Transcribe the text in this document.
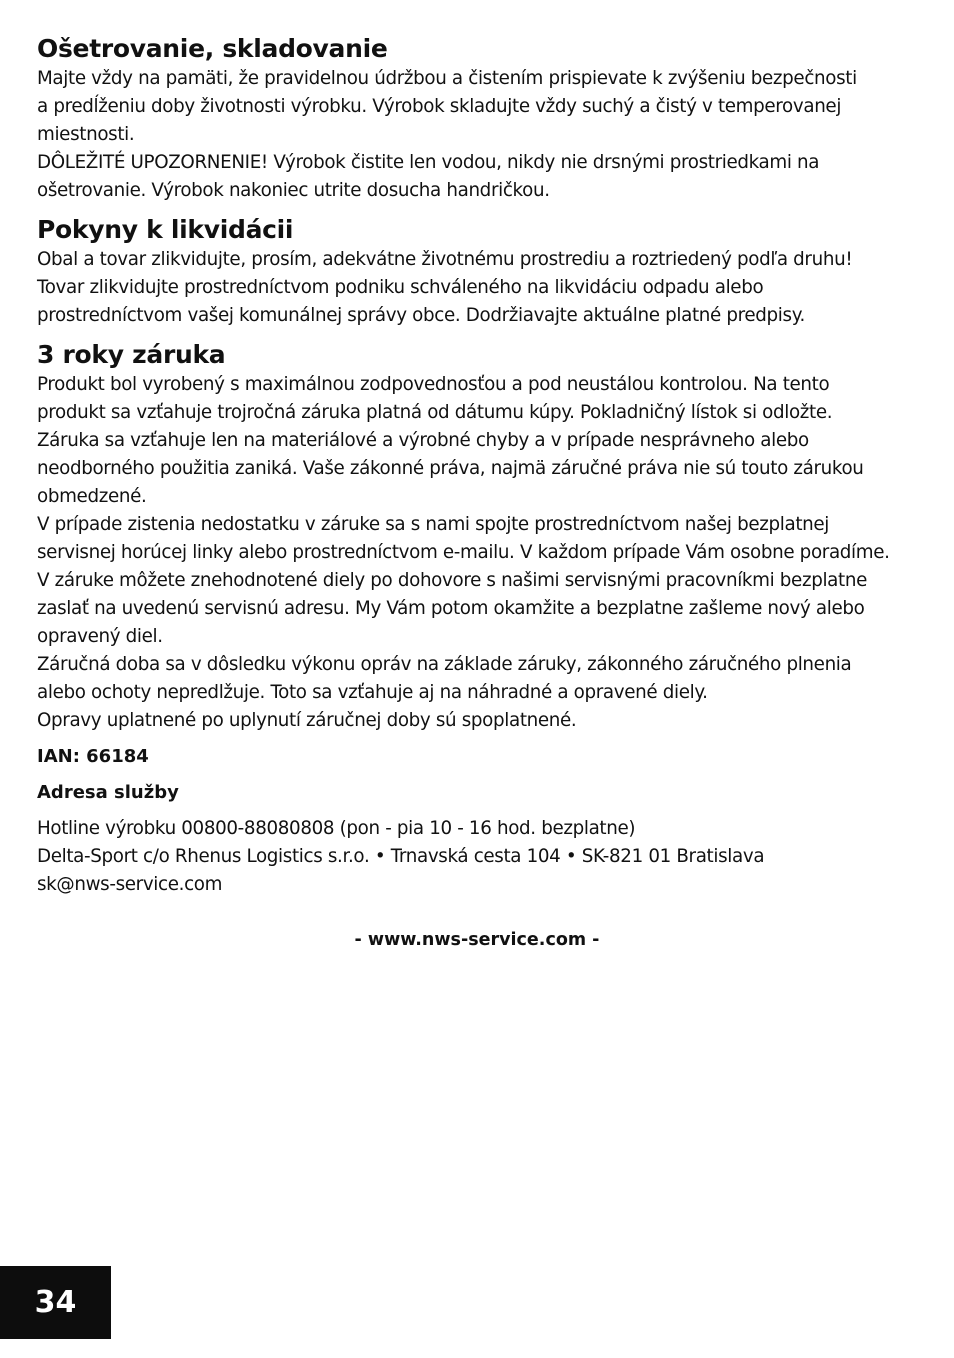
Ošetrovanie, skladovanie

Majte vždy na pamäti, že pravidelnou údržbou a čistením prispievate k zvýšeniu bezpečnosti

a predĺženiu doby životnosti výrobku. Výrobok skladujte vždy suchý a čistý v temperovanej

miestnosti.

DÔLEŽITÉ UPOZORNENIE! Výrobok čistite len vodou, nikdy nie drsnými prostriedkami na

ošetrovanie. Výrobok nakoniec utrite dosucha handričkou.

Pokyny k likvidácii

Obal a tovar zlikvidujte, prosím, adekvátne životnému prostrediu a roztriedený podľa druhu!

Tovar zlikvidujte prostredníctvom podniku schváleného na likvidáciu odpadu alebo

prostredníctvom vašej komunálnej správy obce. Dodržiavajte aktuálne platné predpisy.

3 roky záruka

Produkt bol vyrobený s maximálnou zodpovednosťou a pod neustálou kontrolou. Na tento

produkt sa vzťahuje trojročná záruka platná od dátumu kúpy. Pokladničný lístok si odložte.

Záruka sa vzťahuje len na materiálové a výrobné chyby a v prípade nesprávneho alebo

neodborného použitia zaniká. Vaše zákonné práva, najmä záručné práva nie sú touto zárukou

obmedzené.

V prípade zistenia nedostatku v záruke sa s nami spojte prostredníctvom našej bezplatnej

servisnej horúcej linky alebo prostredníctvom e-mailu. V každom prípade Vám osobne poradíme.

V záruke môžete znehodnotené diely po dohovore s našimi servisnými pracovníkmi bezplatne

zaslať na uvedenú servisnú adresu. My Vám potom okamžite a bezplatne zašleme nový alebo

opravený diel.

Záručná doba sa v dôsledku výkonu opráv na základe záruky, zákonného záručného plnenia

alebo ochoty nepredlžuje. Toto sa vzťahuje aj na náhradné a opravené diely.

Opravy uplatnené po uplynutí záručnej doby sú spoplatnené.

IAN: 66184
Adresa služby

Hotline výrobku 00800-88080808 (pon - pia 10 - 16 hod. bezplatne)

Delta-Sport c/o Rhenus Logistics s.r.o. • Trnavská cesta 104 • SK-821 01 Bratislava

sk@nws-service.com

- www.nws-service.com -
34
